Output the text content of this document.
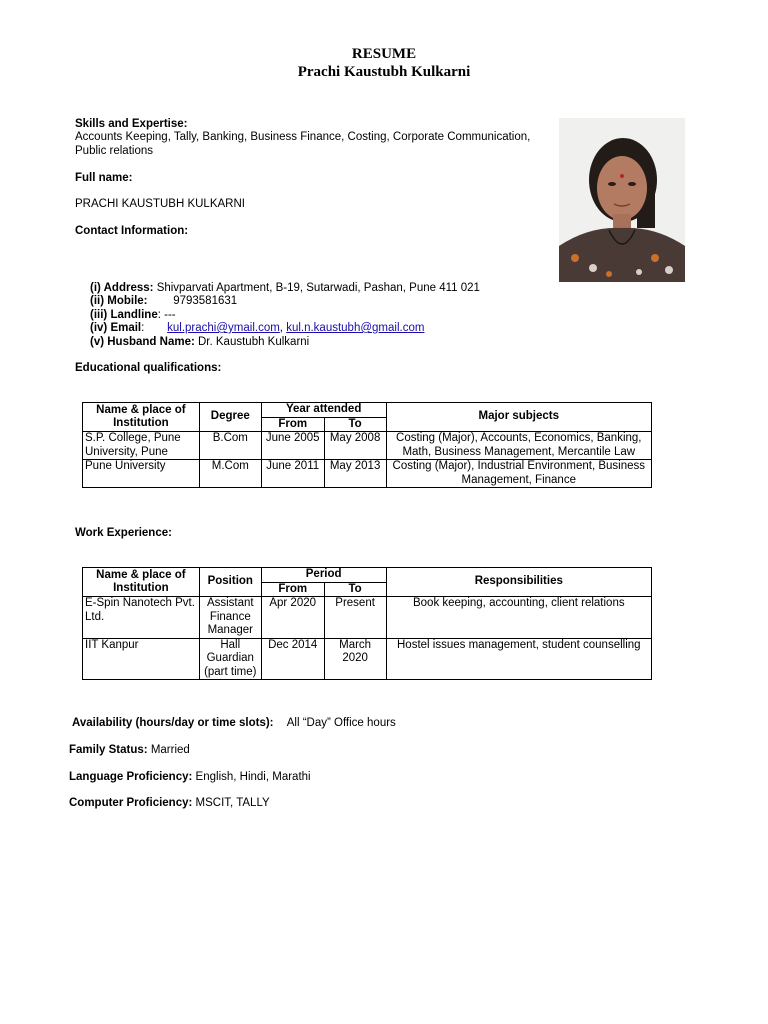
RESUME
Prachi Kaustubh Kulkarni
Skills and Expertise:
Accounts Keeping, Tally, Banking, Business Finance, Costing, Corporate Communication,
Public relations
Full name:
PRACHI KAUSTUBH KULKARNI
Contact Information:
(i) Address: Shivparvati Apartment, B-19, Sutarwadi, Pashan, Pune 411 021
(ii) Mobile: 9793581631
(iii) Landline: ---
(iv) Email: kul.prachi@ymail.com, kul.n.kaustubh@gmail.com
(v) Husband Name: Dr. Kaustubh Kulkarni
Educational qualifications:
Name & place of Institution	Degree	Year attended		Major subjects
		From	To	
S.P. College, Pune University, Pune	B.Com	June 2005	May 2008	Costing (Major), Accounts, Economics, Banking, Math, Business Management, Mercantile Law
Pune University	M.Com	June 2011	May 2013	Costing (Major), Industrial Environment, Business Management, Finance
Work Experience:
Name & place of Institution	Position	Period		Responsibilities
		From	To	
E-Spin Nanotech Pvt. Ltd.	Assistant Finance Manager	Apr 2020	Present	Book keeping, accounting, client relations
IIT Kanpur	Hall Guardian (part time)	Dec 2014	March 2020	Hostel issues management, student counselling
Availability (hours/day or time slots): All “Day” Office hours
Family Status: Married
Language Proficiency: English, Hindi, Marathi
Computer Proficiency: MSCIT, TALLY
